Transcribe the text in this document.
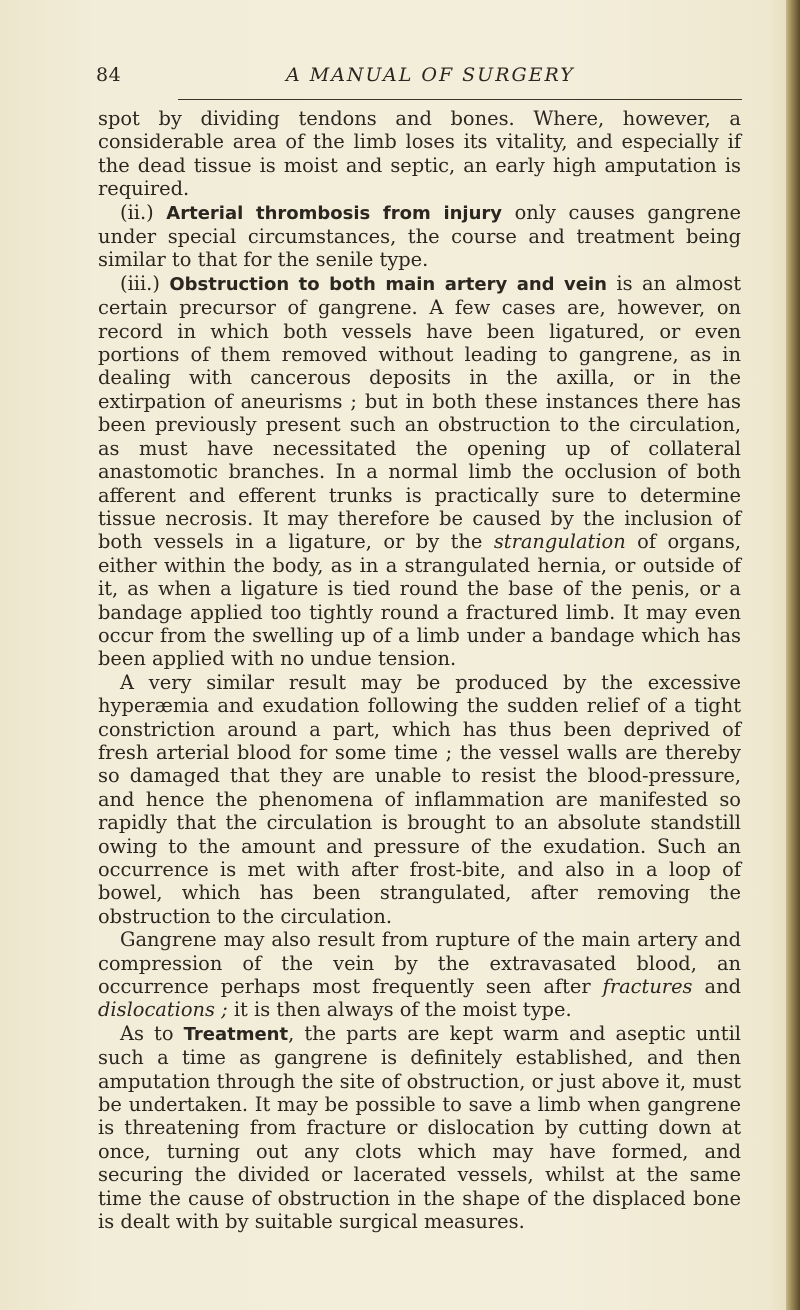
84	A MANUAL OF SURGERY

spot by dividing tendons and bones. Where, however, a considerable area of the limb loses its vitality, and especially if the dead tissue is moist and septic, an early high amputation is required.

(ii.) Arterial thrombosis from injury only causes gangrene under special circumstances, the course and treatment being similar to that for the senile type.

(iii.) Obstruction to both main artery and vein is an almost certain precursor of gangrene. A few cases are, however, on record in which both vessels have been ligatured, or even portions of them removed without leading to gangrene, as in dealing with cancerous deposits in the axilla, or in the extirpation of aneurisms ; but in both these instances there has been previously present such an obstruction to the circulation, as must have necessitated the opening up of collateral anastomotic branches. In a normal limb the occlusion of both afferent and efferent trunks is practically sure to determine tissue necrosis. It may therefore be caused by the inclusion of both vessels in a ligature, or by the strangulation of organs, either within the body, as in a strangulated hernia, or outside of it, as when a ligature is tied round the base of the penis, or a bandage applied too tightly round a fractured limb. It may even occur from the swelling up of a limb under a bandage which has been applied with no undue tension.

A very similar result may be produced by the excessive hyperæmia and exudation following the sudden relief of a tight constriction around a part, which has thus been deprived of fresh arterial blood for some time ; the vessel walls are thereby so damaged that they are unable to resist the blood-pressure, and hence the phenomena of inflammation are manifested so rapidly that the circulation is brought to an absolute standstill owing to the amount and pressure of the exudation. Such an occurrence is met with after frost-bite, and also in a loop of bowel, which has been strangulated, after removing the obstruction to the circulation.

Gangrene may also result from rupture of the main artery and compression of the vein by the extravasated blood, an occurrence perhaps most frequently seen after fractures and dislocations ; it is then always of the moist type.

As to Treatment, the parts are kept warm and aseptic until such a time as gangrene is definitely established, and then amputation through the site of obstruction, or just above it, must be undertaken. It may be possible to save a limb when gangrene is threatening from fracture or dislocation by cutting down at once, turning out any clots which may have formed, and securing the divided or lacerated vessels, whilst at the same time the cause of obstruction in the shape of the displaced bone is dealt with by suitable surgical measures.
